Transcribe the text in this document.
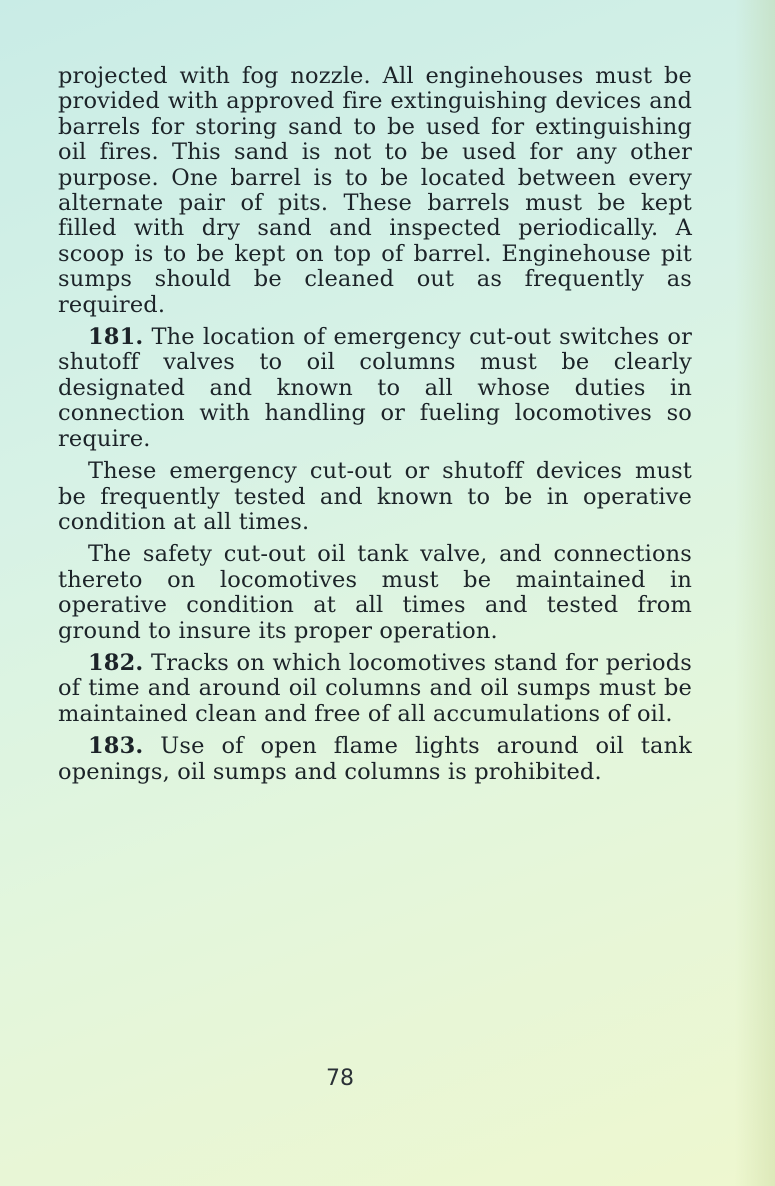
projected with fog nozzle. All enginehouses must be provided with approved fire extinguishing devices and barrels for storing sand to be used for extinguishing oil fires. This sand is not to be used for any other purpose. One barrel is to be located between every alternate pair of pits. These barrels must be kept filled with dry sand and inspected periodically. A scoop is to be kept on top of barrel. Enginehouse pit sumps should be cleaned out as frequently as required.

181. The location of emergency cut-out switches or shutoff valves to oil columns must be clearly designated and known to all whose duties in connection with handling or fueling locomotives so require.

These emergency cut-out or shutoff devices must be frequently tested and known to be in operative condition at all times.

The safety cut-out oil tank valve, and connections thereto on locomotives must be maintained in operative condition at all times and tested from ground to insure its proper operation.

182. Tracks on which locomotives stand for periods of time and around oil columns and oil sumps must be maintained clean and free of all accumulations of oil.

183. Use of open flame lights around oil tank openings, oil sumps and columns is prohibited.

78
